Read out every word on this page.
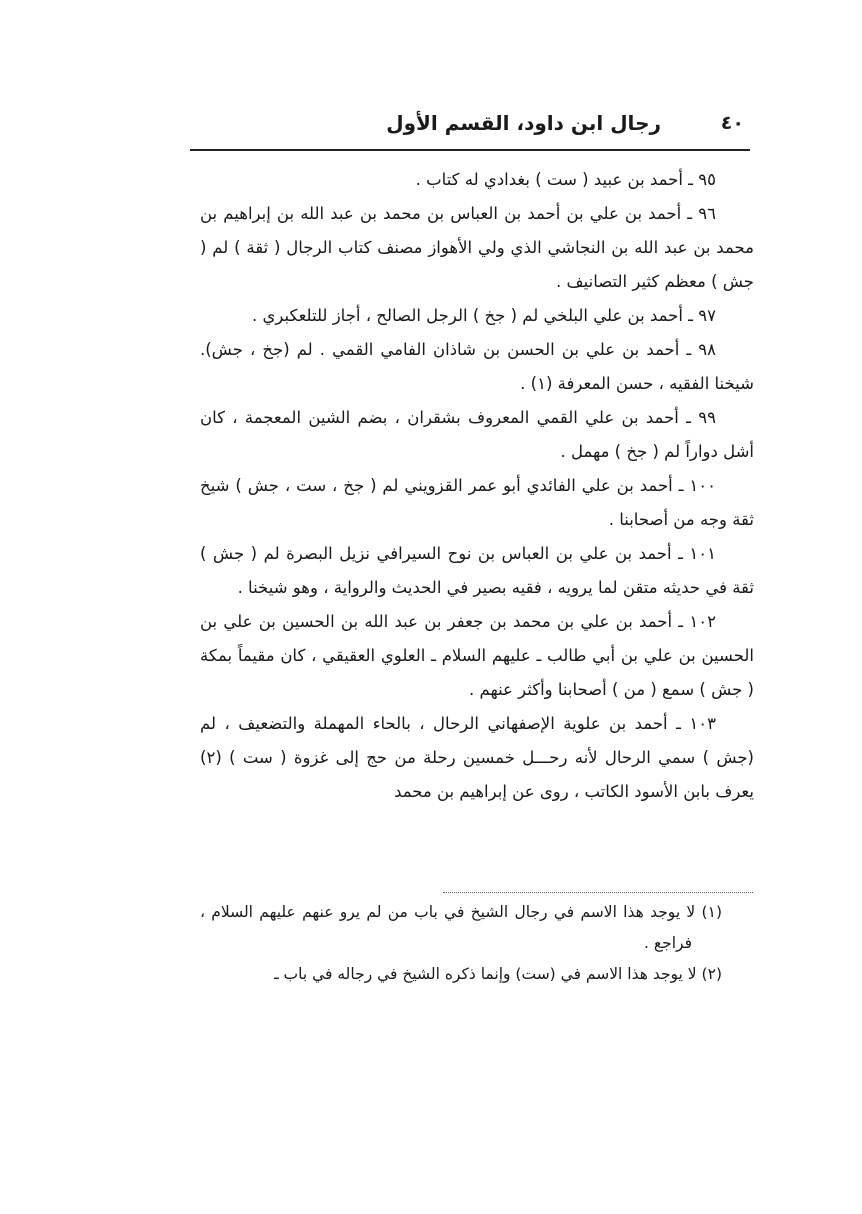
رجال ابن داود، القسم الأول	٤٠

٩٥ ـ أحمد بن عبيد ( ست ) بغدادي له كتاب .

٩٦ ـ أحمد بن علي بن أحمد بن العباس بن محمد بن عبد الله بن إبراهيم بن محمد بن عبد الله بن النجاشي الذي ولي الأهواز مصنف كتاب الرجال ( ثقة ) لم ( جش ) معظم كثير التصانيف .

٩٧ ـ أحمد بن علي البلخي لم ( جخ ) الرجل الصالح ، أجاز للتلعكبري .

٩٨ ـ أحمد بن علي بن الحسن بن شاذان الفامي القمي . لم (جخ ، جش). شيخنا الفقيه ، حسن المعرفة (١) .

٩٩ ـ أحمد بن علي القمي المعروف بشقران ، بضم الشين المعجمة ، كان أشل دواراً لم ( جخ ) مهمل .

١٠٠ ـ أحمد بن علي الفائدي أبو عمر القزويني لم ( جخ ، ست ، جش ) شيخ ثقة وجه من أصحابنا .

١٠١ ـ أحمد بن علي بن العباس بن نوح السيرافي نزيل البصرة لم ( جش ) ثقة في حديثه متقن لما يرويه ، فقيه بصير في الحديث والرواية ، وهو شيخنا .

١٠٢ ـ أحمد بن علي بن محمد بن جعفر بن عبد الله بن الحسين بن علي بن الحسين بن علي بن أبي طالب ـ عليهم السلام ـ العلوي العقيقي ، كان مقيماً بمكة ( جش ) سمع ( من ) أصحابنا وأكثر عنهم .

١٠٣ ـ أحمد بن علوية الإصفهاني الرحال ، بالحاء المهملة والتضعيف ، لم (جش ) سمي الرحال لأنه رحـــل خمسين رحلة من حج إلى غزوة ( ست ) (٢) يعرف بابن الأسود الكاتب ، روى عن إبراهيم بن محمد

(١) لا يوجد هذا الاسم في رجال الشيخ في باب من لم يرو عنهم عليهم السلام ، فراجع .

(٢) لا يوجد هذا الاسم في (ست) وإنما ذكره الشيخ في رجاله في باب ـ
